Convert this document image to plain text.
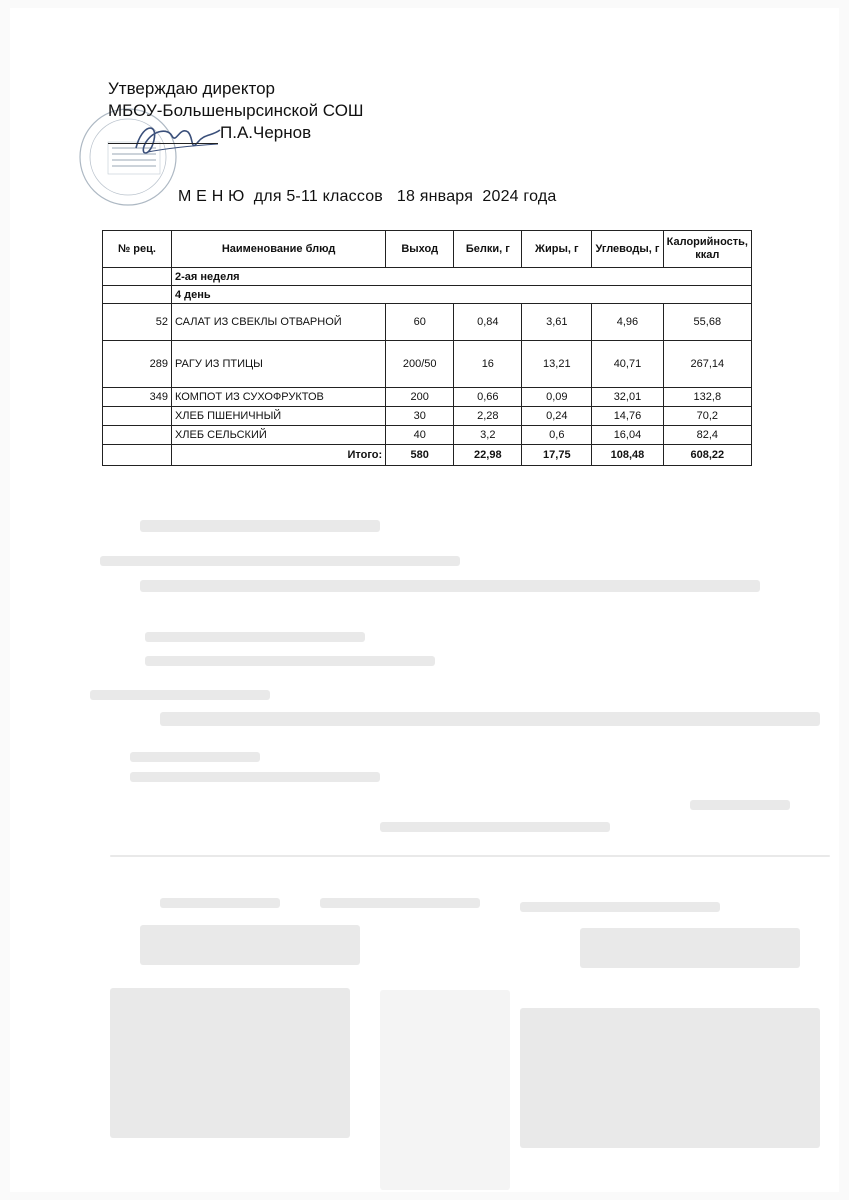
Утверждаю директор
МБОУ-Большенырсинской СОШ
П.А.Чернов
М Е Н Ю  для 5-11 классов   18 января  2024 года
№ рец.	Наименование блюд	Выход	Белки, г	Жиры, г	Углеводы, г	Калорийность, ккал
	2-ая неделя					
	4 день					
52	САЛАТ ИЗ СВЕКЛЫ ОТВАРНОЙ	60	0,84	3,61	4,96	55,68
289	РАГУ ИЗ ПТИЦЫ	200/50	16	13,21	40,71	267,14
349	КОМПОТ ИЗ СУХОФРУКТОВ	200	0,66	0,09	32,01	132,8
	ХЛЕБ ПШЕНИЧНЫЙ	30	2,28	0,24	14,76	70,2
	ХЛЕБ СЕЛЬСКИЙ	40	3,2	0,6	16,04	82,4
	Итого:	580	22,98	17,75	108,48	608,22
